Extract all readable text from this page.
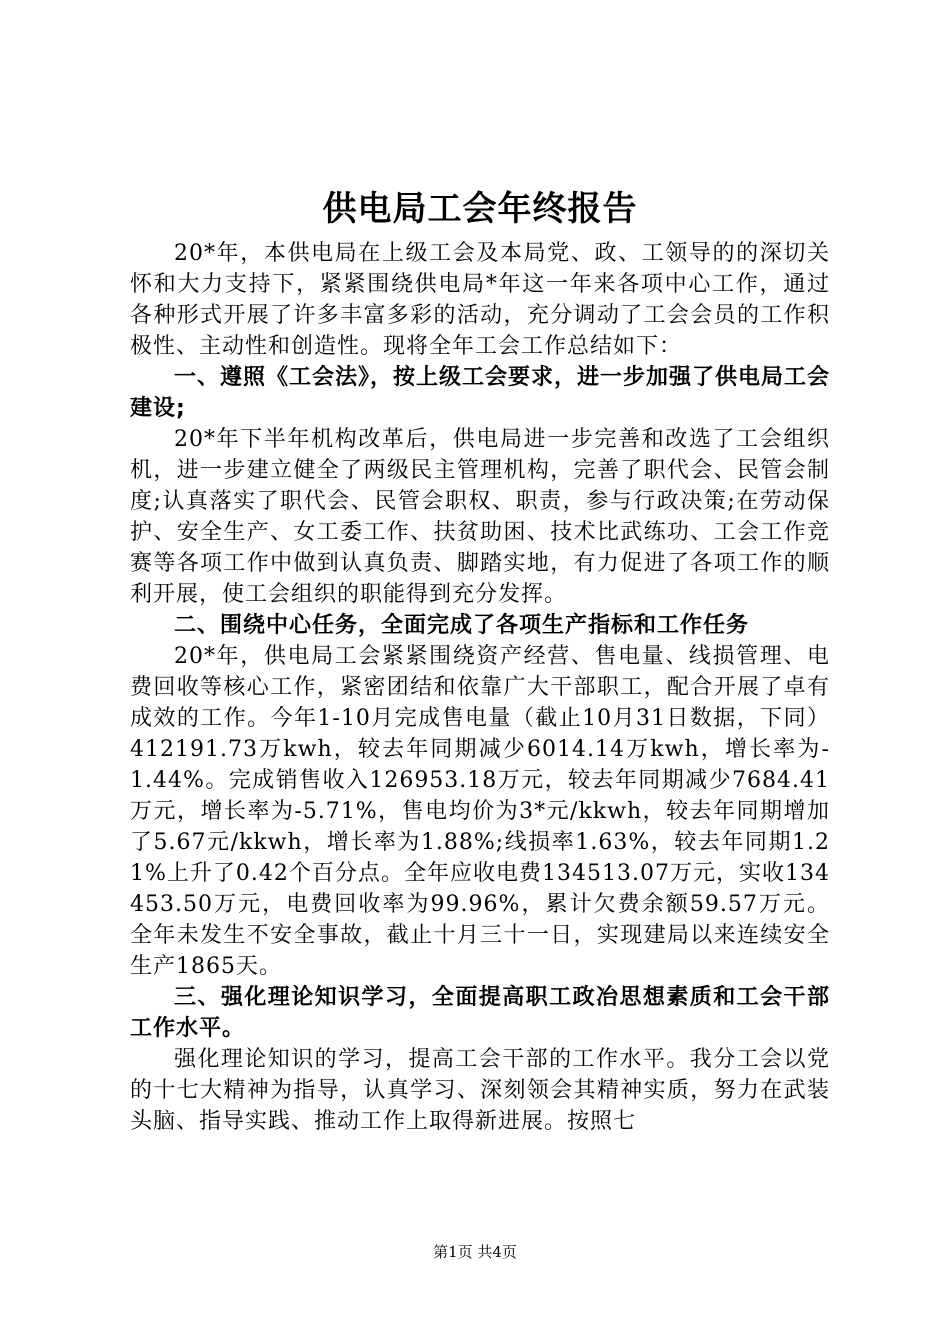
供电局工会年终报告

20*年，本供电局在上级工会及本局党、政、工领导的的深切关怀和大力支持下，紧紧围绕供电局*年这一年来各项中心工作，通过各种形式开展了许多丰富多彩的活动，充分调动了工会会员的工作积极性、主动性和创造性。现将全年工会工作总结如下：

一、遵照《工会法》，按上级工会要求，进一步加强了供电局工会建设;

20*年下半年机构改革后，供电局进一步完善和改选了工会组织机，进一步建立健全了两级民主管理机构，完善了职代会、民管会制度;认真落实了职代会、民管会职权、职责，参与行政决策;在劳动保护、安全生产、女工委工作、扶贫助困、技术比武练功、工会工作竞赛等各项工作中做到认真负责、脚踏实地，有力促进了各项工作的顺利开展，使工会组织的职能得到充分发挥。

二、围绕中心任务，全面完成了各项生产指标和工作任务

20*年，供电局工会紧紧围绕资产经营、售电量、线损管理、电费回收等核心工作，紧密团结和依靠广大干部职工，配合开展了卓有成效的工作。今年1-10月完成售电量（截止10月31日数据，下同）412191.73万kwh，较去年同期减少6014.14万kwh，增长率为-1.44%。完成销售收入126953.18万元，较去年同期减少7684.41万元，增长率为-5.71%，售电均价为3*元/kkwh，较去年同期增加了5.67元/kkwh，增长率为1.88%;线损率1.63%，较去年同期1.21%上升了0.42个百分点。全年应收电费134513.07万元，实收134453.50万元，电费回收率为99.96%，累计欠费余额59.57万元。全年未发生不安全事故，截止十月三十一日，实现建局以来连续安全生产1865天。

三、强化理论知识学习，全面提高职工政冶思想素质和工会干部工作水平。

强化理论知识的学习，提高工会干部的工作水平。我分工会以党的十七大精神为指导，认真学习、深刻领会其精神实质，努力在武装头脑、指导实践、推动工作上取得新进展。按照七

第1页 共4页
